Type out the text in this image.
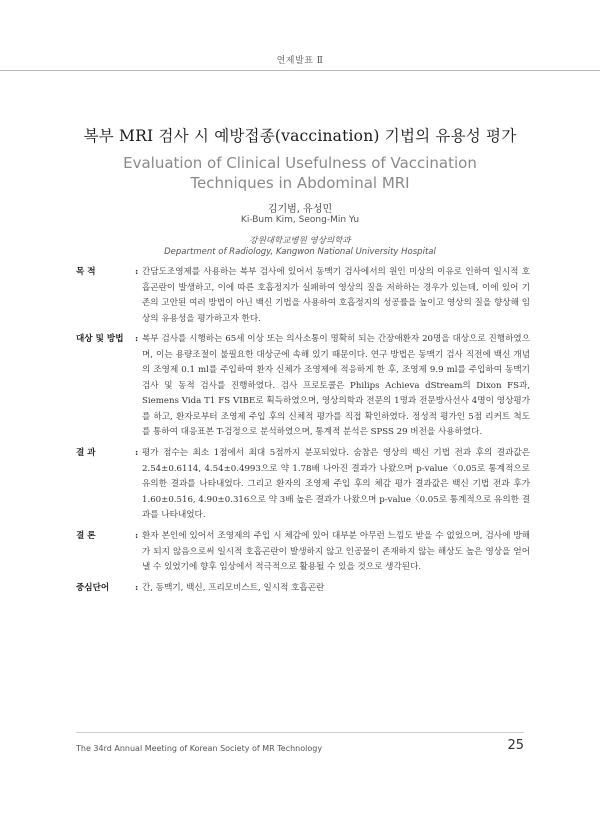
연제발표 Ⅱ
복부 MRI 검사 시 예방접종(vaccination) 기법의 유용성 평가
Evaluation of Clinical Usefulness of Vaccination Techniques in Abdominal MRI
김기범, 유성민
Ki-Bum Kim, Seong-Min Yu
강원대학교병원 영상의학과
Department of Radiology, Kangwon National University Hospital
목 적	: 간담도조영제를 사용하는 복부 검사에 있어서 동맥기 검사에서의 원인 미상의 이유로 인하여 일시적 호흡곤란이 발생하고, 이에 따른 호흡정지가 실패하여 영상의 질을 저하하는 경우가 있는데, 이에 있어 기존의 고안된 여러 방법이 아닌 백신 기법을 사용하여 호흡정지의 성공률을 높이고 영상의 질을 향상해 임상의 유용성을 평가하고자 한다.
대상 및 방법 : 복부 검사를 시행하는 65세 이상 또는 의사소통이 명확히 되는 간장애환자 20명을 대상으로 진행하였으며, 이는 용량조절이 불필요한 대상군에 속해 있기 때문이다. 연구 방법은 동맥기 검사 직전에 백신 개념의 조영제 0.1 ml를 주입하여 환자 신체가 조영제에 적응하게 한 후, 조영제 9.9 ml를 주입하여 동맥기 검사 및 동적 검사를 진행하였다. 검사 프로토콜은 Philips Achieva dStream의 Dixon FS과, Siemens Vida T1 FS VIBE로 획득하였으며, 영상의학과 전문의 1명과 전문방사선사 4명이 영상평가를 하고, 환자로부터 조영제 주입 후의 신체적 평가를 직접 확인하였다. 정성적 평가인 5점 리커트 척도를 통하여 대응표본 T-검정으로 분석하였으며, 통계적 분석은 SPSS 29 버전을 사용하였다.
결 과	: 평가 점수는 최소 1점에서 최대 5점까지 분포되었다. 숨참은 영상의 백신 기법 전과 후의 결과값은 2.54±0.6114, 4.54±0.4993으로 약 1.78배 나아진 결과가 나왔으며 p-value〈0.05로 통계적으로 유의한 결과를 나타내었다. 그리고 환자의 조영제 주입 후의 체감 평가 결과값은 백신 기법 전과 후가 1.60±0.516, 4.90±0.316으로 약 3배 높은 결과가 나왔으며 p-value〈0.05로 통계적으로 유의한 결과를 나타내었다.
결 론	: 환자 본인에 있어서 조영제의 주입 시 체감에 있어 대부분 아무런 느낌도 받을 수 없었으며, 검사에 방해가 되지 않음으로써 일시적 호흡곤란이 발생하지 않고 인공물이 존재하지 않는 해상도 높은 영상을 얻어낼 수 있었기에 향후 임상에서 적극적으로 활용될 수 있을 것으로 생각된다.
중심단어	: 간, 동맥기, 백신, 프리모비스트, 일시적 호흡곤란
The 34rd Annual Meeting of Korean Society of MR Technology	25
